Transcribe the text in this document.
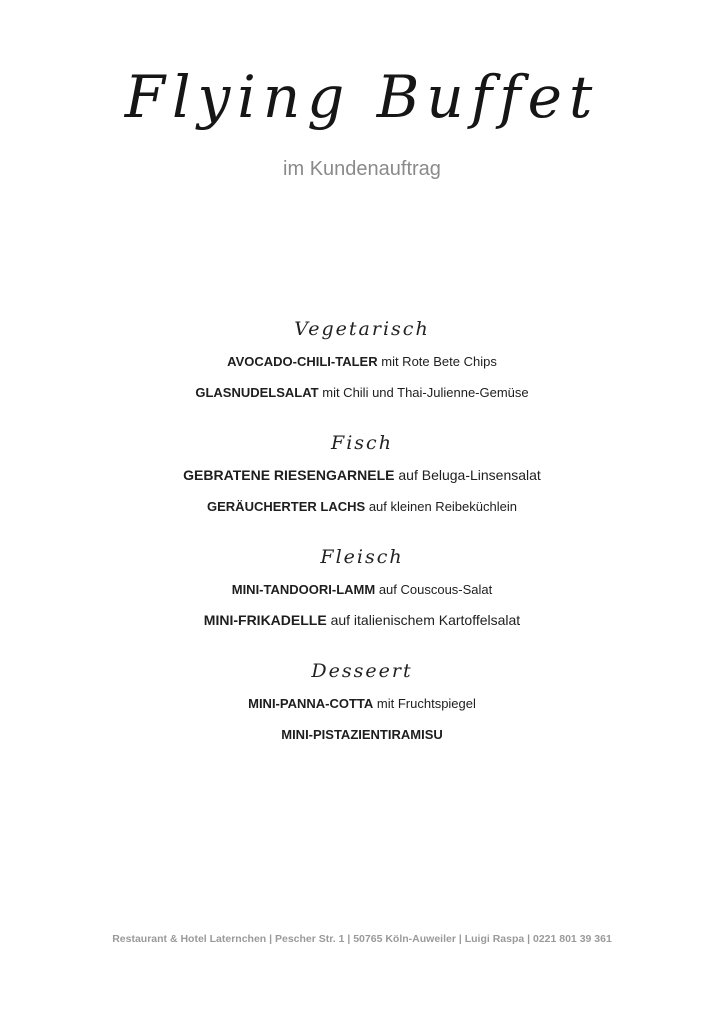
Flying Buffet
im Kundenauftrag
Vegetarisch
AVOCADO-CHILI-TALER mit Rote Bete Chips
GLASNUDELSALAT mit Chili und Thai-Julienne-Gemüse
Fisch
GEBRATENE RIESENGARNELE auf Beluga-Linsensalat
GERÄUCHERTER LACHS auf kleinen Reibeküchlein
Fleisch
MINI-TANDOORI-LAMM auf Couscous-Salat
MINI-FRIKADELLE auf italienischem Kartoffelsalat
Desseert
MINI-PANNA-COTTA mit Fruchtspiegel
MINI-PISTAZIENTIRAMISU
Restaurant & Hotel Laternchen | Pescher Str. 1 | 50765 Köln-Auweiler | Luigi Raspa | 0221 801 39 361
